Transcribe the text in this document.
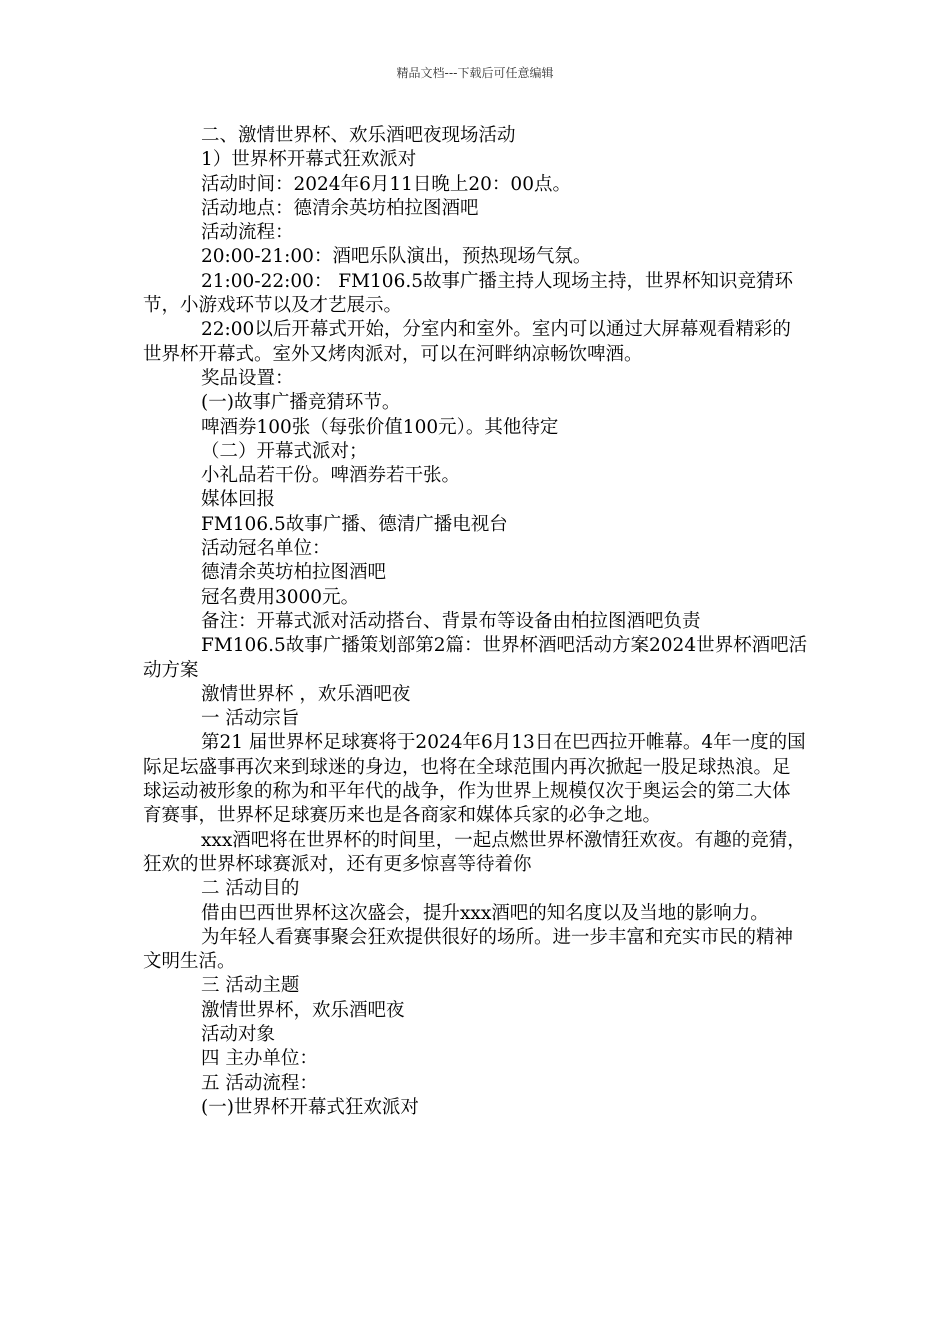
精品文档---下载后可任意编辑

二、激情世界杯、欢乐酒吧夜现场活动

1）世界杯开幕式狂欢派对

活动时间：2024年6月11日晚上20：00点。

活动地点：德清余英坊柏拉图酒吧

活动流程：

20:00-21:00：酒吧乐队演出，预热现场气氛。

21:00-22:00： FM106.5故事广播主持人现场主持，世界杯知识竞猜环节，小游戏环节以及才艺展示。

22:00以后开幕式开始，分室内和室外。室内可以通过大屏幕观看精彩的世界杯开幕式。室外又烤肉派对，可以在河畔纳凉畅饮啤酒。

奖品设置：

(一)故事广播竞猜环节。

啤酒券100张（每张价值100元）。其他待定

（二）开幕式派对；

小礼品若干份。啤酒券若干张。

媒体回报

FM106.5故事广播、德清广播电视台

活动冠名单位：

德清余英坊柏拉图酒吧

冠名费用3000元。

备注：开幕式派对活动搭台、背景布等设备由柏拉图酒吧负责

FM106.5故事广播策划部第2篇：世界杯酒吧活动方案2024世界杯酒吧活动方案

激情世界杯 ，欢乐酒吧夜

一 活动宗旨

第21 届世界杯足球赛将于2024年6月13日在巴西拉开帷幕。4年一度的国际足坛盛事再次来到球迷的身边，也将在全球范围内再次掀起一股足球热浪。足球运动被形象的称为和平年代的战争，作为世界上规模仅次于奥运会的第二大体育赛事，世界杯足球赛历来也是各商家和媒体兵家的必争之地。

xxx酒吧将在世界杯的时间里，一起点燃世界杯激情狂欢夜。有趣的竞猜，狂欢的世界杯球赛派对，还有更多惊喜等待着你

二 活动目的

借由巴西世界杯这次盛会，提升xxx酒吧的知名度以及当地的影响力。

为年轻人看赛事聚会狂欢提供很好的场所。进一步丰富和充实市民的精神文明生活。

三 活动主题

激情世界杯，欢乐酒吧夜

活动对象

四 主办单位：

五 活动流程：

(一)世界杯开幕式狂欢派对
